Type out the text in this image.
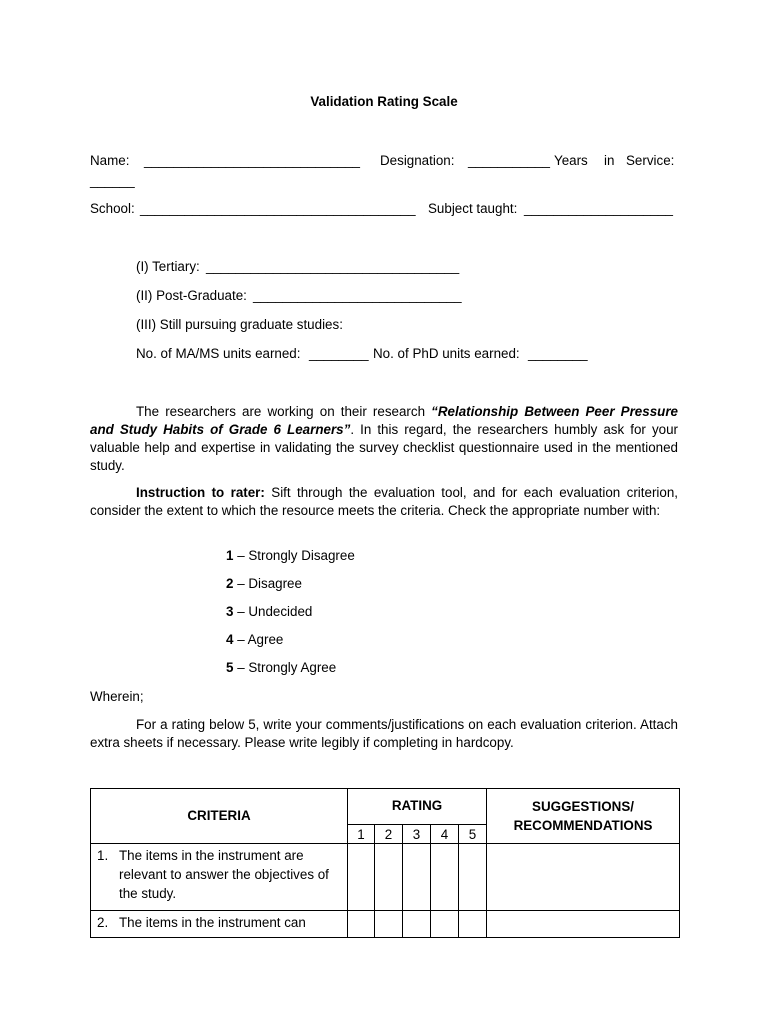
Validation Rating Scale
Name: _____________________________ Designation: ___________ Years in Service:
______
School: _____________________________________ Subject taught: ____________________
(I) Tertiary: __________________________________
(II) Post-Graduate: ____________________________
(III) Still pursuing graduate studies:
No. of MA/MS units earned: ________ No. of PhD units earned: ________
The researchers are working on their research “Relationship Between Peer Pressure and Study Habits of Grade 6 Learners”. In this regard, the researchers humbly ask for your valuable help and expertise in validating the survey checklist questionnaire used in the mentioned study.
Instruction to rater: Sift through the evaluation tool, and for each evaluation criterion, consider the extent to which the resource meets the criteria. Check the appropriate number with:
1 – Strongly Disagree
2 – Disagree
3 – Undecided
4 – Agree
5 – Strongly Agree
Wherein;
For a rating below 5, write your comments/justifications on each evaluation criterion. Attach extra sheets if necessary. Please write legibly if completing in hardcopy.
CRITERIA	RATING					SUGGESTIONS/
RECOMMENDATIONS
	1	2	3	4	5	

1. The items in the instrument are relevant to answer the objectives of the study.						

2. The items in the instrument can						
